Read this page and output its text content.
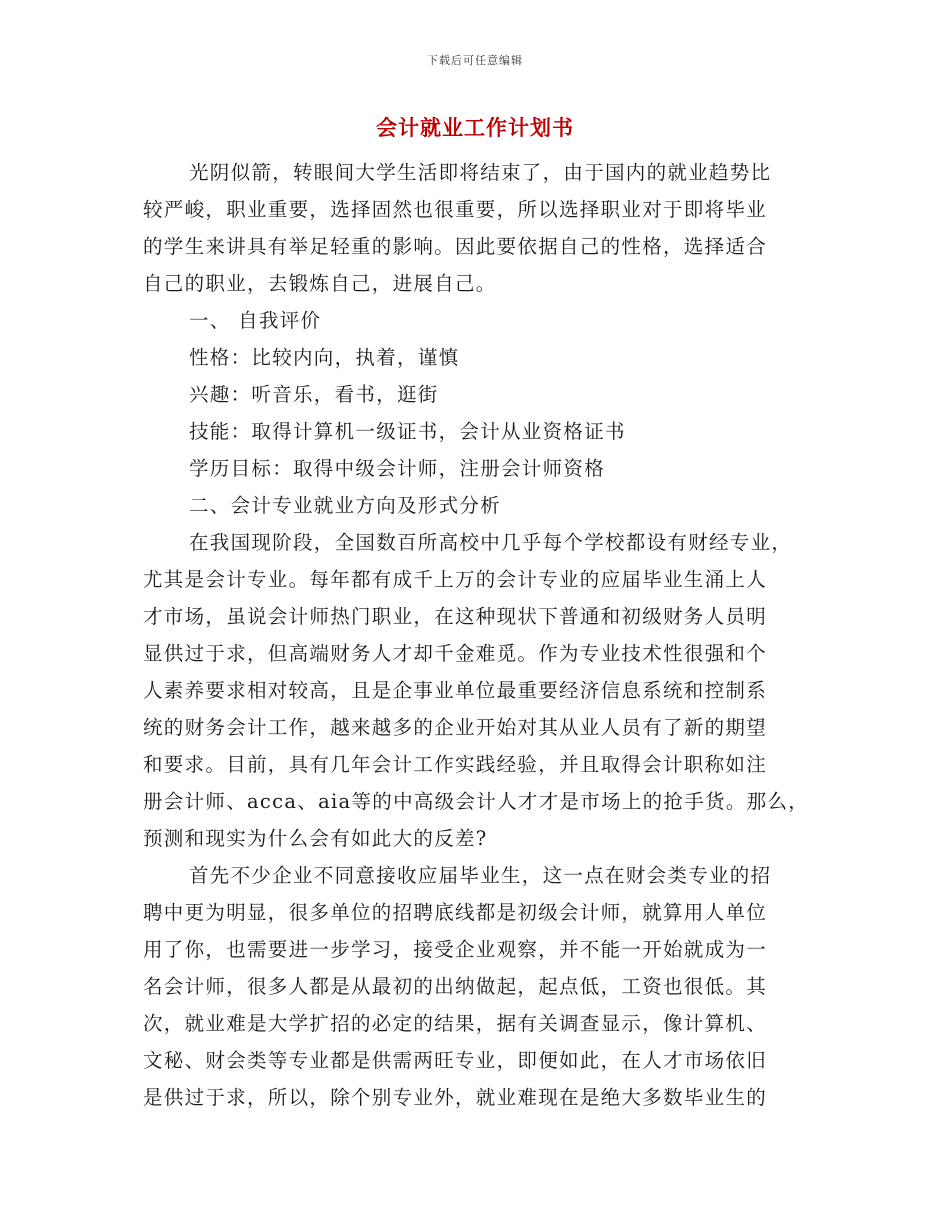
下载后可任意编辑
会计就业工作计划书
光阴似箭，转眼间大学生活即将结束了，由于国内的就业趋势比
较严峻，职业重要，选择固然也很重要，所以选择职业对于即将毕业
的学生来讲具有举足轻重的影响。因此要依据自己的性格，选择适合
自己的职业，去锻炼自己，进展自己。
一、 自我评价
性格：比较内向，执着，谨慎
兴趣：听音乐，看书，逛街
技能：取得计算机一级证书，会计从业资格证书
学历目标：取得中级会计师，注册会计师资格
二、会计专业就业方向及形式分析
在我国现阶段，全国数百所高校中几乎每个学校都设有财经专业，
尤其是会计专业。每年都有成千上万的会计专业的应届毕业生涌上人
才市场，虽说会计师热门职业，在这种现状下普通和初级财务人员明
显供过于求，但高端财务人才却千金难觅。作为专业技术性很强和个
人素养要求相对较高，且是企事业单位最重要经济信息系统和控制系
统的财务会计工作，越来越多的企业开始对其从业人员有了新的期望
和要求。目前，具有几年会计工作实践经验，并且取得会计职称如注
册会计师、acca、aia等的中高级会计人才才是市场上的抢手货。那么，
预测和现实为什么会有如此大的反差?
首先不少企业不同意接收应届毕业生，这一点在财会类专业的招
聘中更为明显，很多单位的招聘底线都是初级会计师，就算用人单位
用了你，也需要进一步学习，接受企业观察，并不能一开始就成为一
名会计师，很多人都是从最初的出纳做起，起点低，工资也很低。其
次，就业难是大学扩招的必定的结果，据有关调查显示，像计算机、
文秘、财会类等专业都是供需两旺专业，即便如此，在人才市场依旧
是供过于求，所以，除个别专业外，就业难现在是绝大多数毕业生的
